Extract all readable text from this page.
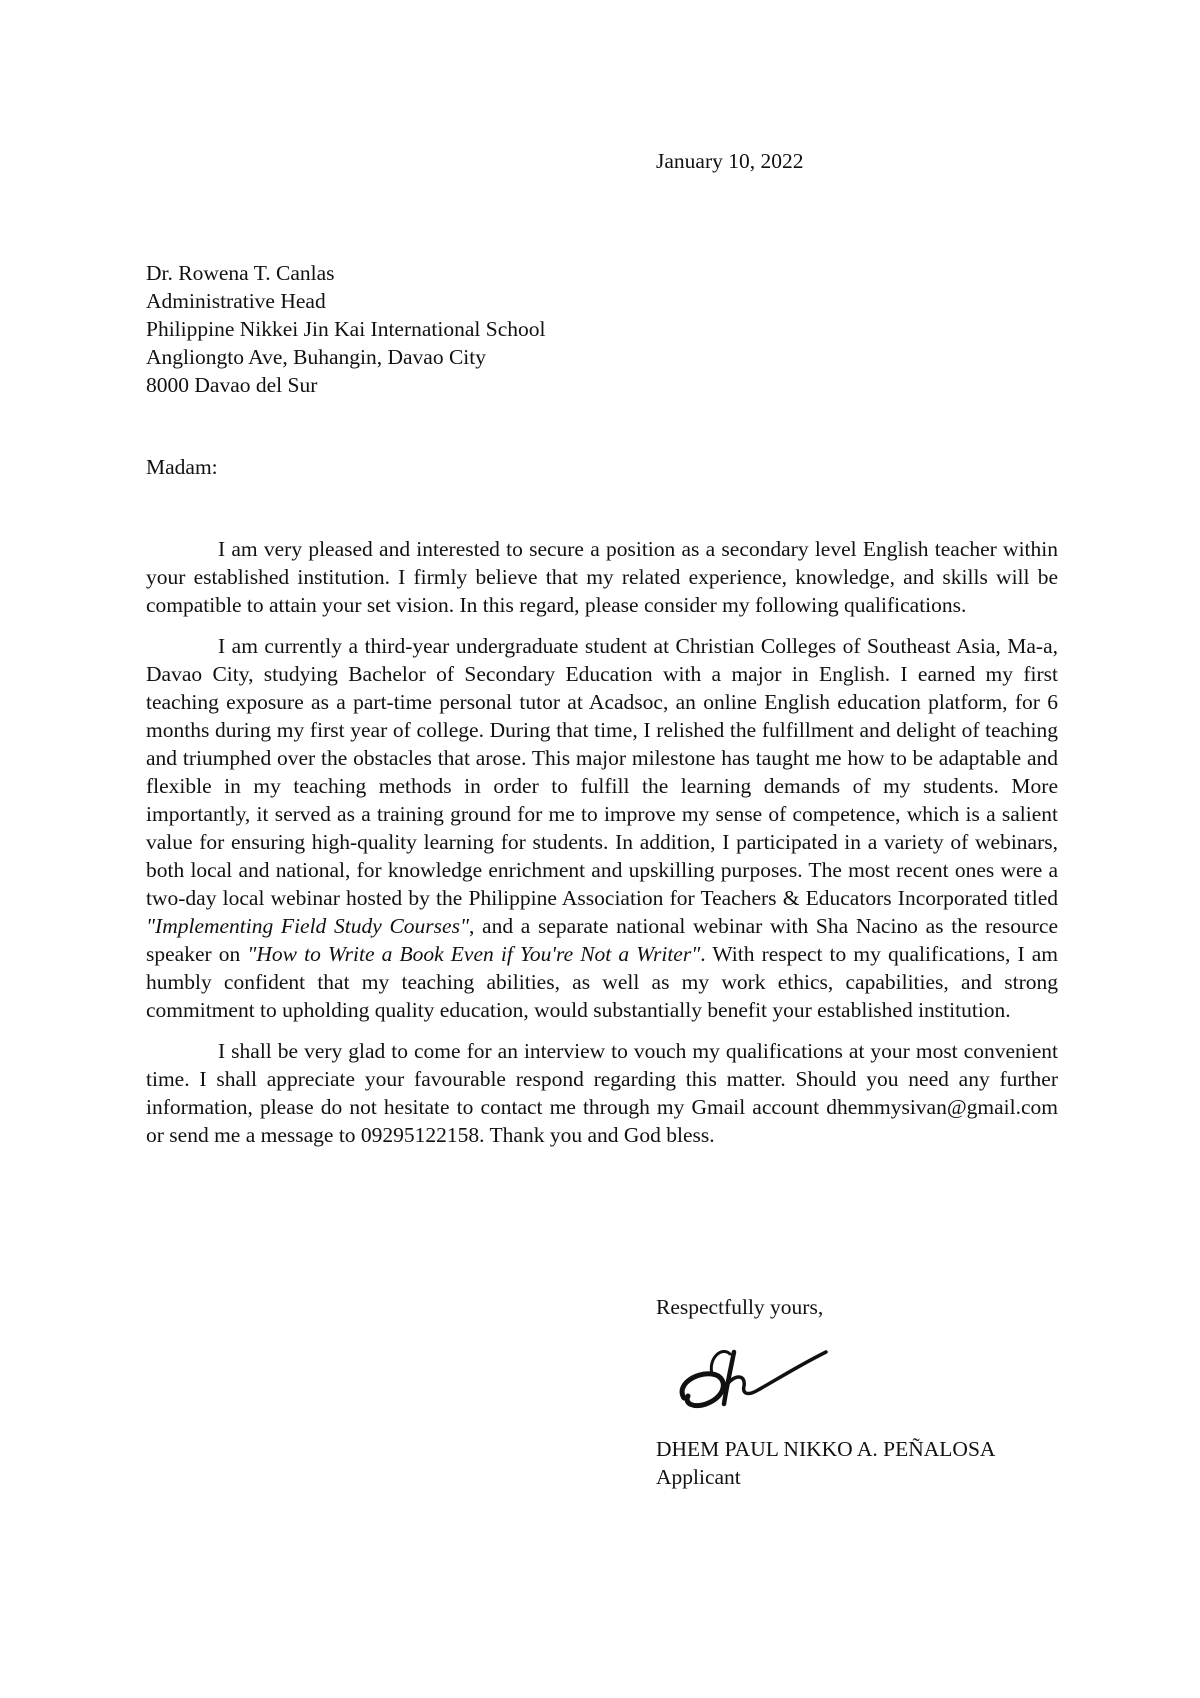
January 10, 2022
Dr. Rowena T. Canlas
Administrative Head
Philippine Nikkei Jin Kai International School
Angliongto Ave, Buhangin, Davao City
8000 Davao del Sur
Madam:

I am very pleased and interested to secure a position as a secondary level English teacher within your established institution. I firmly believe that my related experience, knowledge, and skills will be compatible to attain your set vision. In this regard, please consider my following qualifications.

I am currently a third-year undergraduate student at Christian Colleges of Southeast Asia, Ma-a, Davao City, studying Bachelor of Secondary Education with a major in English. I earned my first teaching exposure as a part-time personal tutor at Acadsoc, an online English education platform, for 6 months during my first year of college. During that time, I relished the fulfillment and delight of teaching and triumphed over the obstacles that arose. This major milestone has taught me how to be adaptable and flexible in my teaching methods in order to fulfill the learning demands of my students. More importantly, it served as a training ground for me to improve my sense of competence, which is a salient value for ensuring high-quality learning for students. In addition, I participated in a variety of webinars, both local and national, for knowledge enrichment and upskilling purposes. The most recent ones were a two-day local webinar hosted by the Philippine Association for Teachers & Educators Incorporated titled "Implementing Field Study Courses", and a separate national webinar with Sha Nacino as the resource speaker on "How to Write a Book Even if You're Not a Writer". With respect to my qualifications, I am humbly confident that my teaching abilities, as well as my work ethics, capabilities, and strong commitment to upholding quality education, would substantially benefit your established institution.

I shall be very glad to come for an interview to vouch my qualifications at your most convenient time. I shall appreciate your favourable respond regarding this matter. Should you need any further information, please do not hesitate to contact me through my Gmail account dhemmysivan@gmail.com or send me a message to 09295122158. Thank you and God bless.

Respectfully yours,
DHEM PAUL NIKKO A. PEÑALOSA
Applicant
